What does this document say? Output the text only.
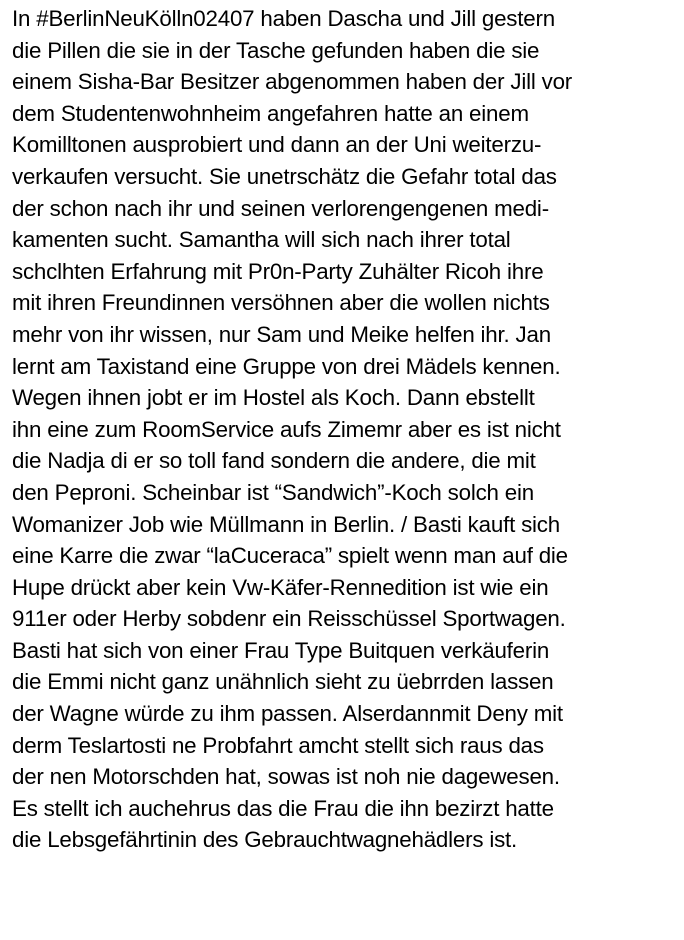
In #BerlinNeuKölln02407 haben Dascha und Jill gestern
die Pillen die sie in der Tasche gefunden haben die sie
einem Sisha-Bar Besitzer abgenommen haben der Jill vor
dem Studentenwohnheim angefahren hatte an einem
Komilltonen ausprobiert und dann an der Uni weiterzu-
verkaufen versucht. Sie unetrschätz die Gefahr total das
der schon nach ihr und seinen verlorengengenen medi-
kamenten sucht. Samantha will sich nach ihrer total
schclhten Erfahrung mit Pr0n-Party Zuhälter Ricoh ihre
mit ihren Freundinnen versöhnen aber die wollen nichts
mehr von ihr wissen, nur Sam und Meike helfen ihr. Jan
lernt am Taxistand eine Gruppe von drei Mädels kennen.
Wegen ihnen jobt er im Hostel als Koch. Dann ebstellt
ihn eine zum RoomService aufs Zimemr aber es ist nicht
die Nadja di er so toll fand sondern die andere, die mit
den Peproni. Scheinbar ist “Sandwich”-Koch solch ein
Womanizer Job wie Müllmann in Berlin. / Basti kauft sich
eine Karre die zwar “laCuceraca” spielt wenn man auf die
Hupe drückt aber kein Vw-Käfer-Rennedition ist wie ein
911er oder Herby sobdenr ein Reisschüssel Sportwagen.
Basti hat sich von einer Frau Type Buitquen verkäuferin
die Emmi nicht ganz unähnlich sieht zu üebrrden lassen
der Wagne würde zu ihm passen. Alserdannmit Deny mit
derm Teslartosti ne Probfahrt amcht stellt sich raus das
der nen Motorschden hat, sowas ist noh nie dagewesen.
Es stellt ich auchehrus das die Frau die ihn bezirzt hatte
die Lebsgefährtinin des Gebrauchtwagnehädlers ist.
